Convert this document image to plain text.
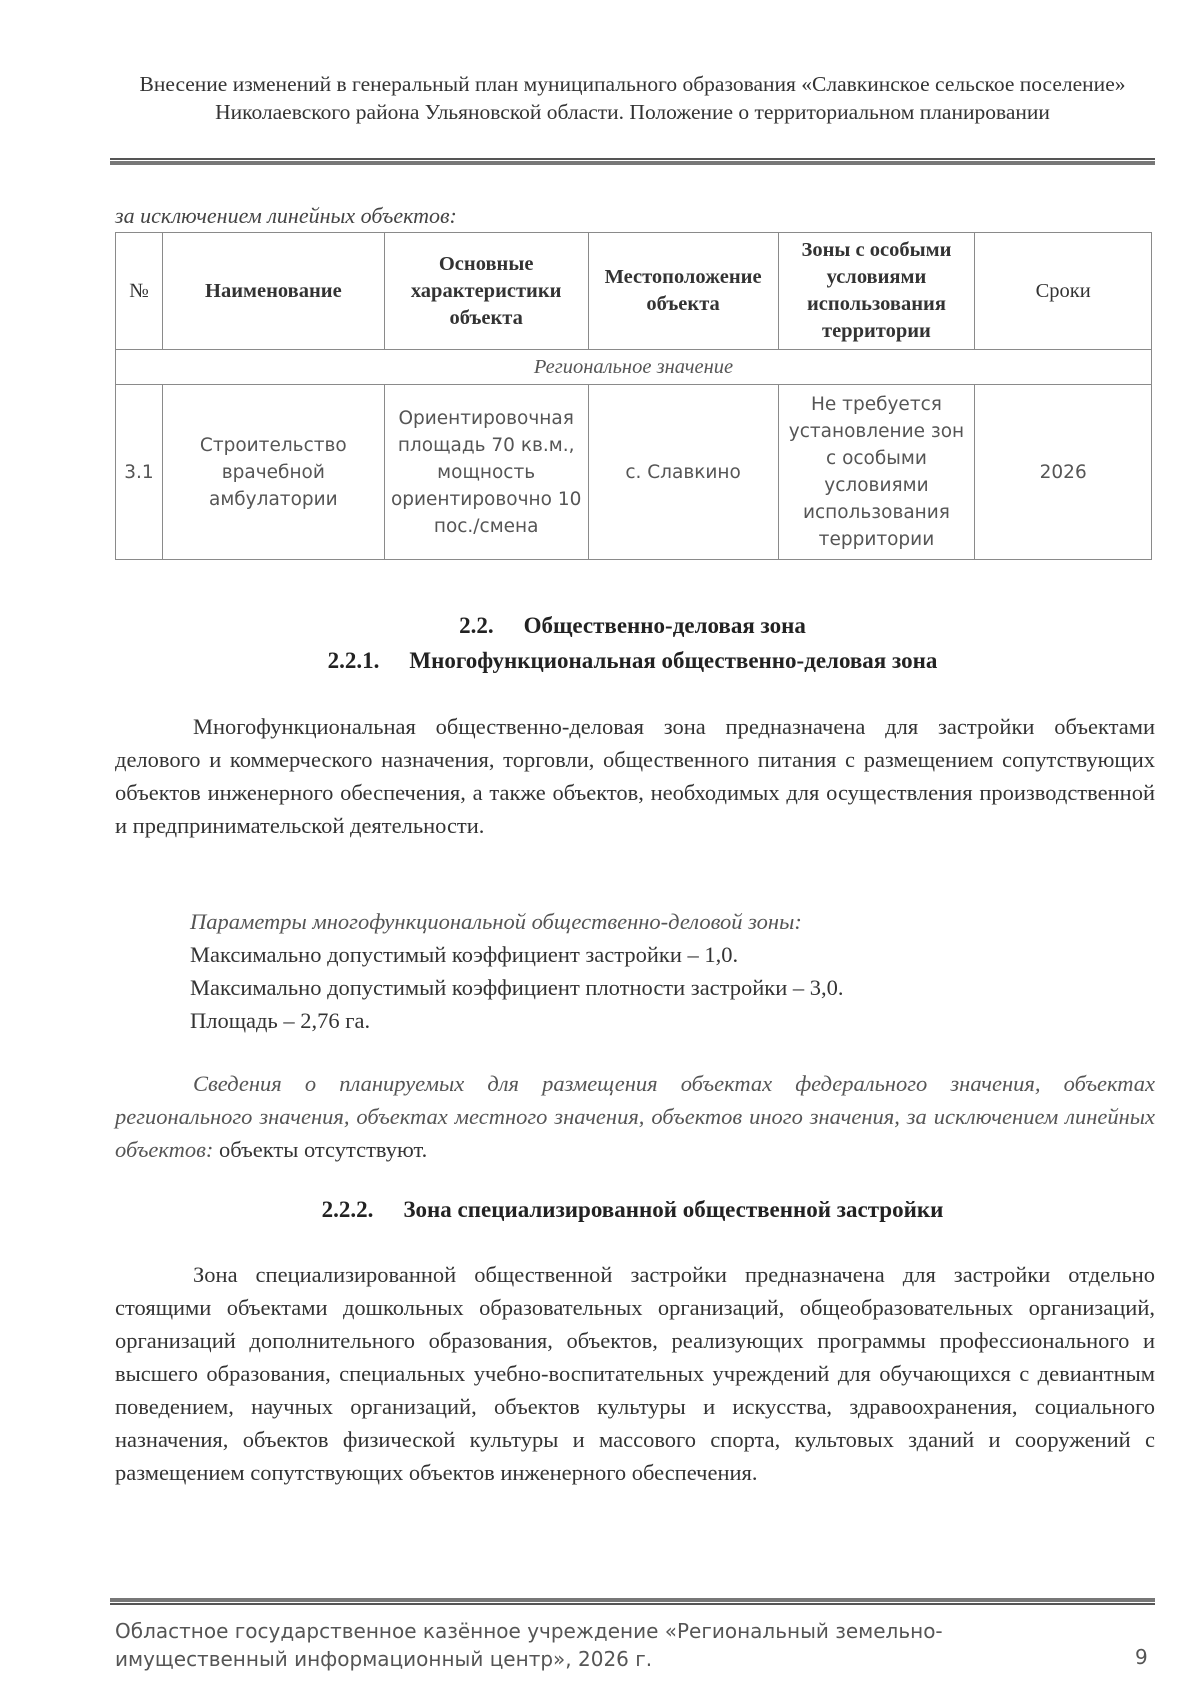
Внесение изменений в генеральный план муниципального образования «Славкинское сельское поселение» Николаевского района Ульяновской области. Положение о территориальном планировании
за исключением линейных объектов:
№	Наименование	Основные характеристики объекта	Местоположение объекта	Зоны с особыми условиями использования территории	Сроки
Региональное значение					
3.1	Строительство врачебной амбулатории	Ориентировочная площадь 70 кв.м., мощность ориентировочно 10 пос./смена	с. Славкино	Не требуется установление зон с особыми условиями использования территории	2026
2.2. Общественно-деловая зона
2.2.1. Многофункциональная общественно-деловая зона
Многофункциональная общественно-деловая зона предназначена для застройки объектами делового и коммерческого назначения, торговли, общественного питания с размещением сопутствующих объектов инженерного обеспечения, а также объектов, необходимых для осуществления производственной и предпринимательской деятельности.
Параметры многофункциональной общественно-деловой зоны:
Максимально допустимый коэффициент застройки – 1,0.
Максимально допустимый коэффициент плотности застройки – 3,0.
Площадь – 2,76 га.
Сведения о планируемых для размещения объектах федерального значения, объектах регионального значения, объектах местного значения, объектов иного значения, за исключением линейных объектов: объекты отсутствуют.
2.2.2. Зона специализированной общественной застройки
Зона специализированной общественной застройки предназначена для застройки отдельно стоящими объектами дошкольных образовательных организаций, общеобразовательных организаций, организаций дополнительного образования, объектов, реализующих программы профессионального и высшего образования, специальных учебно-воспитательных учреждений для обучающихся с девиантным поведением, научных организаций, объектов культуры и искусства, здравоохранения, социального назначения, объектов физической культуры и массового спорта, культовых зданий и сооружений с размещением сопутствующих объектов инженерного обеспечения.
Областное государственное казённое учреждение «Региональный земельно-имущественный информационный центр», 2026 г.	9
